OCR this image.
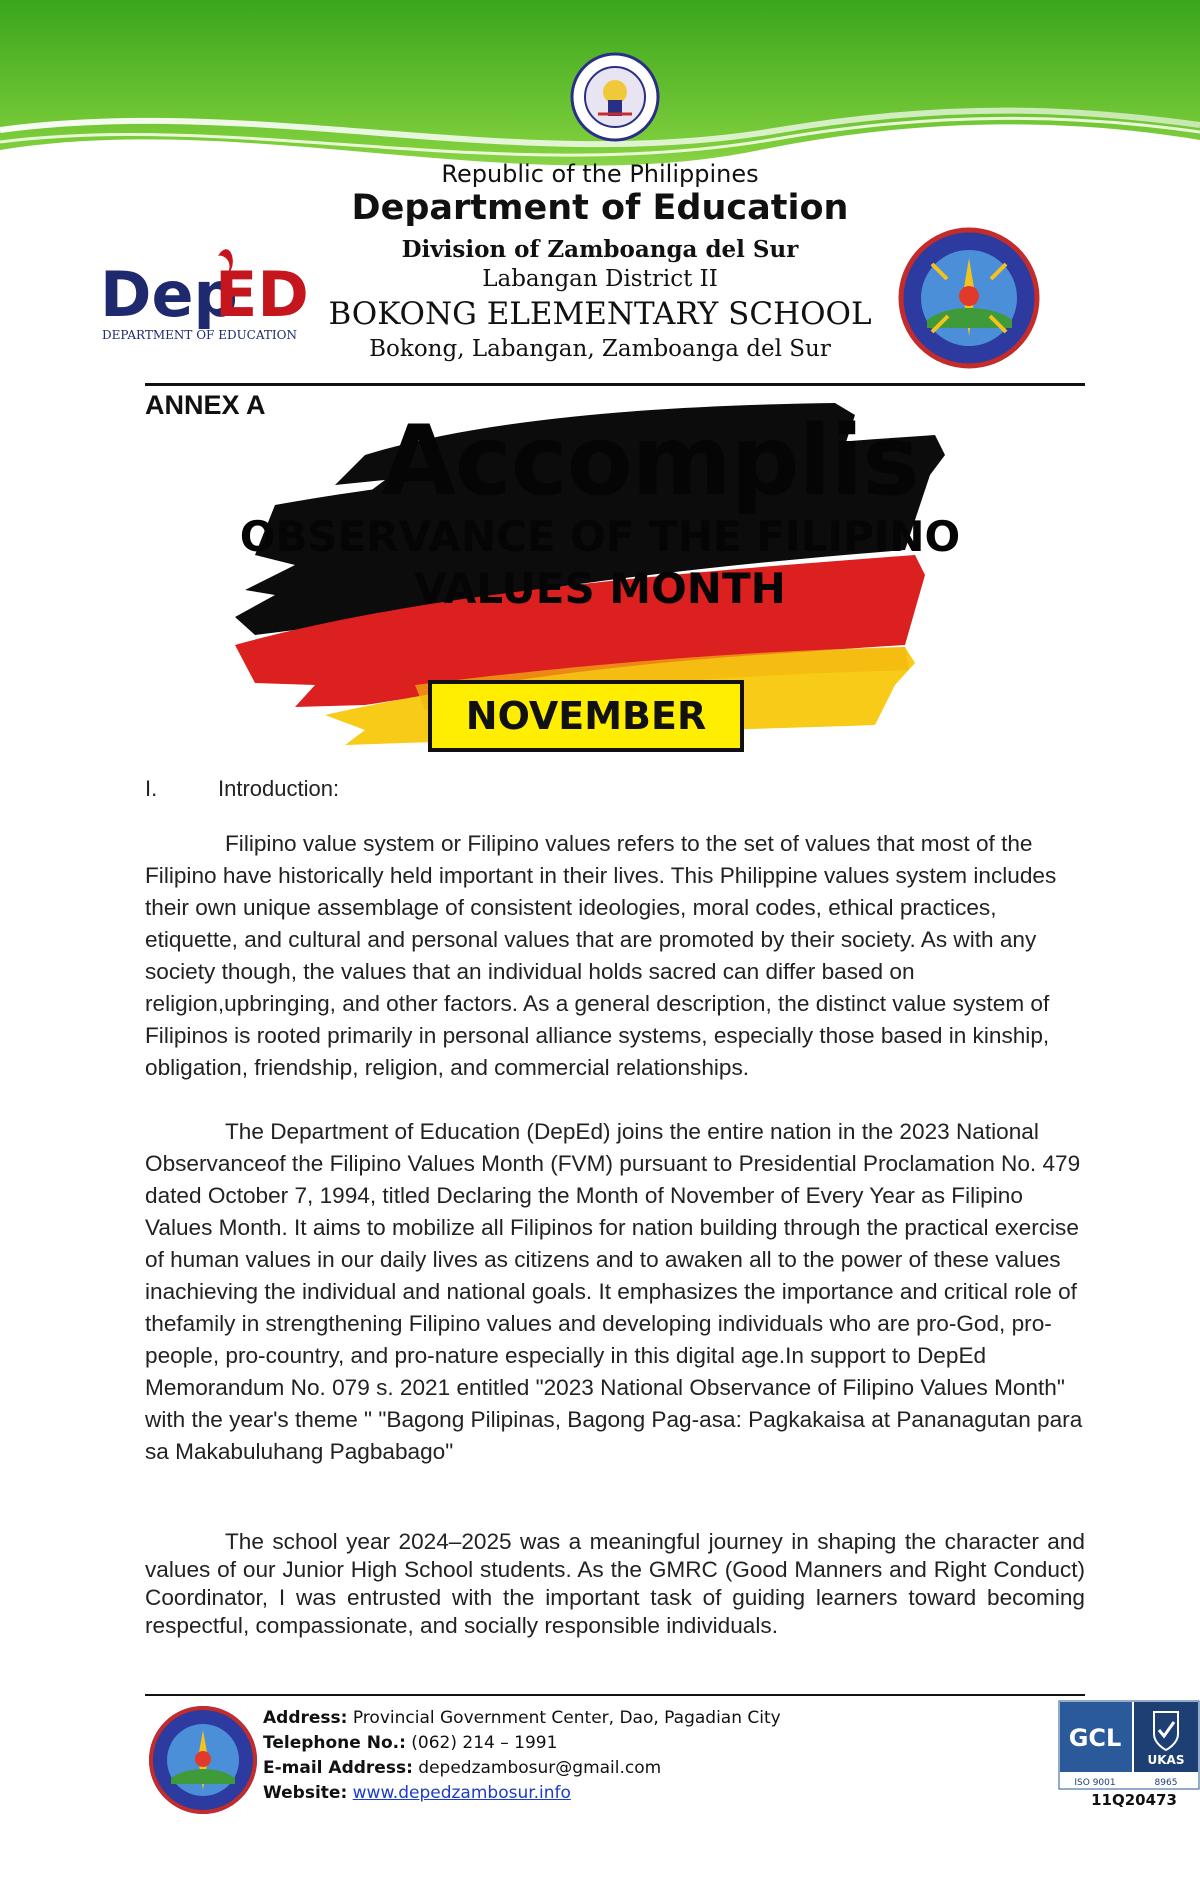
Republic of the Philippines
Department of Education
Division of Zamboanga del Sur
Labangan District II
BOKONG ELEMENTARY SCHOOL
Bokong, Labangan, Zamboanga del Sur
Dep
ED
DEPARTMENT OF EDUCATION
ANNEX A	Accomplis
OBSERVANCE OF THE FILIPINO
VALUES MONTH
NOVEMBER
I.	Introduction:

Filipino value system or Filipino values refers to the set of values that most of the Filipino have historically held important in their lives. This Philippine values system includes their own unique assemblage of consistent ideologies, moral codes, ethical practices, etiquette, and cultural and personal values that are promoted by their society. As with any society though, the values that an individual holds sacred can differ based on religion,upbringing, and other factors. As a general description, the distinct value system of Filipinos is rooted primarily in personal alliance systems, especially those based in kinship, obligation, friendship, religion, and commercial relationships.

The Department of Education (DepEd) joins the entire nation in the 2023 National Observanceof the Filipino Values Month (FVM) pursuant to Presidential Proclamation No. 479 dated October 7, 1994, titled Declaring the Month of November of Every Year as Filipino Values Month. It aims to mobilize all Filipinos for nation building through the practical exercise of human values in our daily lives as citizens and to awaken all to the power of these values inachieving the individual and national goals. It emphasizes the importance and critical role of thefamily in strengthening Filipino values and developing individuals who are pro-God, pro-people, pro-country, and pro-nature especially in this digital age.In support to DepEd Memorandum No. 079 s. 2021 entitled "2023 National Observance of Filipino Values Month" with the year's theme " "Bagong Pilipinas, Bagong Pag-asa: Pagkakaisa at Pananagutan para sa Makabuluhang Pagbabago"

The school year 2024–2025 was a meaningful journey in shaping the character and values of our Junior High School students. As the GMRC (Good Manners and Right Conduct) Coordinator, I was entrusted with the important task of guiding learners toward becoming respectful, compassionate, and socially responsible individuals.

Address: Provincial Government Center, Dao, Pagadian City
Telephone No.: (062) 214 – 1991
E-mail Address: depedzambosur@gmail.com
Website: www.depedzambosur.info
GCL
UKAS
ISO 9001	8965
11Q20473
